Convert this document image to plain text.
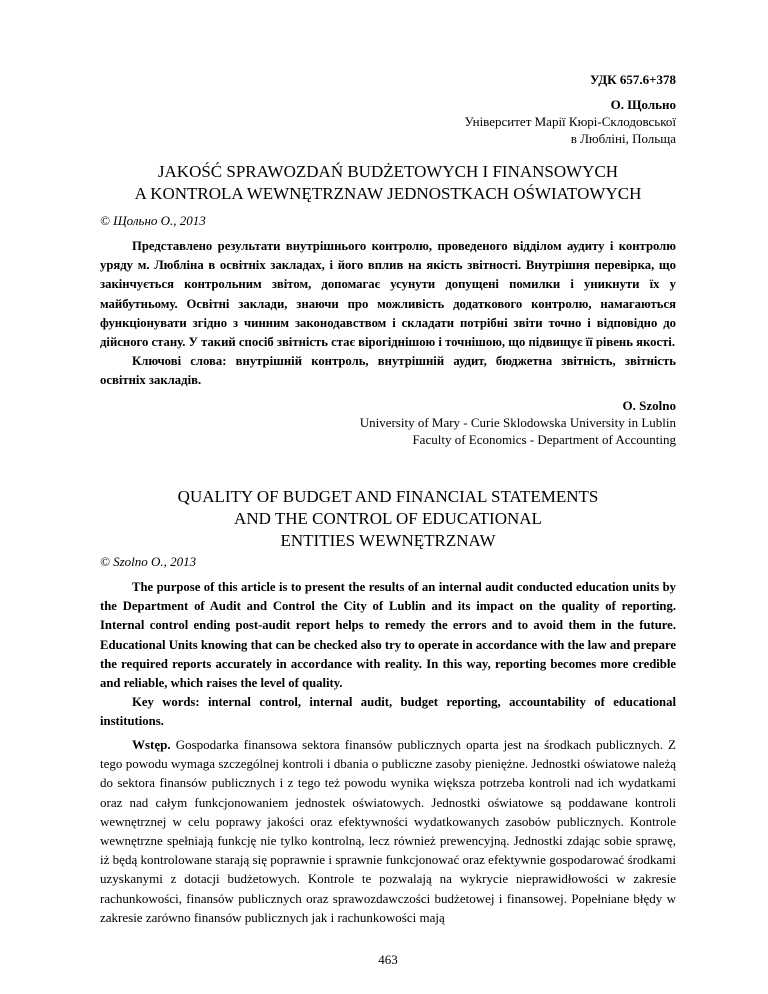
УДК 657.6+378
О. Щольно
Університет Марії Кюрі-Склодовської
в Любліні, Польща
JAKOŚĆ SPRAWOZDAŃ BUDŻETOWYCH I FINANSOWYCH
A KONTROLA WEWNĘTRZNAW JEDNOSTKACH OŚWIATOWYCH
© Щольно О., 2013

Представлено результати внутрішнього контролю, проведеного відділом аудиту і контролю уряду м. Любліна в освітніх закладах, і його вплив на якість звітності. Внутрішня перевірка, що закінчується контрольним звітом, допомагає усунути допущені помилки і уникнути їх у майбутньому. Освітні заклади, знаючи про можливість додаткового контролю, намагаються функціонувати згідно з чинним законодавством і складати потрібні звіти точно і відповідно до дійсного стану. У такий спосіб звітність стає вірогіднішою і точнішою, що підвищує її рівень якості.

Ключові слова: внутрішній контроль, внутрішній аудит, бюджетна звітність, звітність освітніх закладів.

O. Szolno
University of Mary - Curie Sklodowska University in Lublin
Faculty of Economics - Department of Accounting
QUALITY OF BUDGET AND FINANCIAL STATEMENTS
AND THE CONTROL OF EDUCATIONAL
ENTITIES WEWNĘTRZNAW
© Szolno O., 2013

The purpose of this article is to present the results of an internal audit conducted education units by the Department of Audit and Control the City of Lublin and its impact on the quality of reporting. Internal control ending post-audit report helps to remedy the errors and to avoid them in the future. Educational Units knowing that can be checked also try to operate in accordance with the law and prepare the required reports accurately in accordance with reality. In this way, reporting becomes more credible and reliable, which raises the level of quality.

Key words: internal control, internal audit, budget reporting, accountability of educational institutions.

Wstęp. Gospodarka finansowa sektora finansów publicznych oparta jest na środkach publicznych. Z tego powodu wymaga szczególnej kontroli i dbania o publiczne zasoby pieniężne. Jednostki oświatowe należą do sektora finansów publicznych i z tego też powodu wynika większa potrzeba kontroli nad ich wydatkami oraz nad całym funkcjonowaniem jednostek oświatowych. Jednostki oświatowe są poddawane kontroli wewnętrznej w celu poprawy jakości oraz efektywności wydatkowanych zasobów publicznych. Kontrole wewnętrzne spełniają funkcję nie tylko kontrolną, lecz również prewencyjną. Jednostki zdając sobie sprawę, iż będą kontrolowane starają się poprawnie i sprawnie funkcjonować oraz efektywnie gospodarować środkami uzyskanymi z dotacji budżetowych. Kontrole te pozwalają na wykrycie nieprawidłowości w zakresie rachunkowości, finansów publicznych oraz sprawozdawczości budżetowej i finansowej. Popełniane błędy w zakresie zarówno finansów publicznych jak i rachunkowości mają

463
